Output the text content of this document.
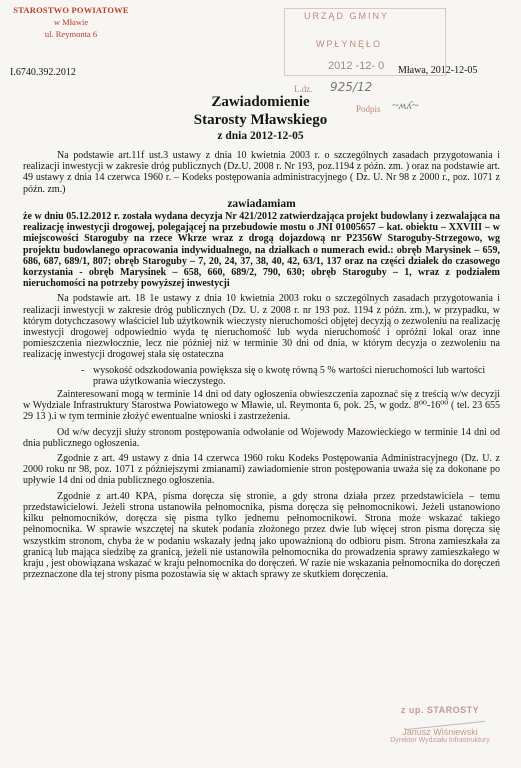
STAROSTWO POWIATOWE
w Mławie
ul. Reymonta 6
I.6740.392.2012	Mława, 2012-12-05
URZĄD GMINY
WPŁYNĘŁO
2012 -12- 0
L.dz. 925/12
Podpis ~ʍʎ~
Zawiadomienie
Starosty Mławskiego
z dnia 2012-12-05

Na podstawie art.11f ust.3 ustawy z dnia 10 kwietnia 2003 r. o szczególnych zasadach przygotowania i realizacji inwestycji w zakresie dróg publicznych (Dz.U. 2008 r. Nr 193, poz.1194 z późn. zm. ) oraz na podstawie art. 49 ustawy z dnia 14 czerwca 1960 r. – Kodeks postępowania administracyjnego ( Dz. U. Nr 98 z 2000 r., poz. 1071 z późn. zm.)

zawiadamiam

że w dniu 05.12.2012 r. została wydana decyzja Nr 421/2012 zatwierdzająca projekt budowlany i zezwalająca na realizację inwestycji drogowej, polegającej na przebudowie mostu o JNI 01005657 – kat. obiektu – XXVIII – w miejscowości Staroguby na rzece Wkrze wraz z drogą dojazdową nr P2356W Staroguby-Strzegowo, wg projektu budowlanego opracowania indywidualnego, na działkach o numerach ewid.: obręb Marysinek – 659, 686, 687, 689/1, 807; obręb Staroguby – 7, 20, 24, 37, 38, 40, 42, 63/1, 137 oraz na części działek do czasowego korzystania - obręb Marysinek – 658, 660, 689/2, 790, 630; obręb Staroguby – 1, wraz z podziałem nieruchomości na potrzeby powyższej inwestycji

Na podstawie art. 18 1e ustawy z dnia 10 kwietnia 2003 roku o szczególnych zasadach przygotowania i realizacji inwestycji w zakresie dróg publicznych (Dz. U. z 2008 r. nr 193 poz. 1194 z późn. zm.), w przypadku, w którym dotychczasowy właściciel lub użytkownik wieczysty nieruchomości objętej decyzją o zezwoleniu na realizację inwestycji drogowej odpowiednio wyda tę nieruchomość lub wyda nieruchomość i opróżni lokal oraz inne pomieszczenia niezwłocznie, lecz nie później niż w terminie 30 dni od dnia, w którym decyzja o zezwoleniu na realizację inwestycji drogowej stała się ostateczna

- wysokość odszkodowania powiększa się o kwotę równą 5 % wartości nieruchomości lub wartości prawa użytkowania wieczystego.

Zainteresowani mogą w terminie 14 dni od daty ogłoszenia obwieszczenia zapoznać się z treścią w/w decyzji w Wydziale Infrastruktury Starostwa Powiatowego w Mławie, ul. Reymonta 6, pok. 25, w godz. 8⁰⁰-16⁰⁰ ( tel. 23 655 29 13 ).i w tym terminie złożyć ewentualne wnioski i zastrzeżenia.

Od w/w decyzji służy stronom postępowania odwołanie od Wojewody Mazowieckiego w terminie 14 dni od dnia publicznego ogłoszenia.

Zgodnie z art. 49 ustawy z dnia 14 czerwca 1960 roku Kodeks Postępowania Administracyjnego (Dz. U. z 2000 roku nr 98, poz. 1071 z późniejszymi zmianami) zawiadomienie stron postępowania uważa się za dokonane po upływie 14 dni od dnia publicznego ogłoszenia.

Zgodnie z art.40 KPA, pisma doręcza się stronie, a gdy strona działa przez przedstawiciela – temu przedstawicielowi. Jeżeli strona ustanowiła pełnomocnika, pisma doręcza się pełnomocnikowi. Jeżeli ustanowiono kilku pełnomocników, doręcza się pisma tylko jednemu pełnomocnikowi. Strona może wskazać takiego pełnomocnika. W sprawie wszczętej na skutek podania złożonego przez dwie lub więcej stron pisma doręcza się wszystkim stronom, chyba że w podaniu wskazały jedną jako upoważnioną do odbioru pism. Strona zamieszkała za granicą lub mająca siedzibę za granicą, jeżeli nie ustanowiła pełnomocnika do prowadzenia sprawy zamieszkałego w kraju , jest obowiązana wskazać w kraju pełnomocnika do doręczeń. W razie nie wskazania pełnomocnika do doręczeń przeznaczone dla tej strony pisma pozostawia się w aktach sprawy ze skutkiem doręczenia.

z up. STAROSTY
Janusz Wiśniewski
Dyrektor Wydziału Infrastruktury
